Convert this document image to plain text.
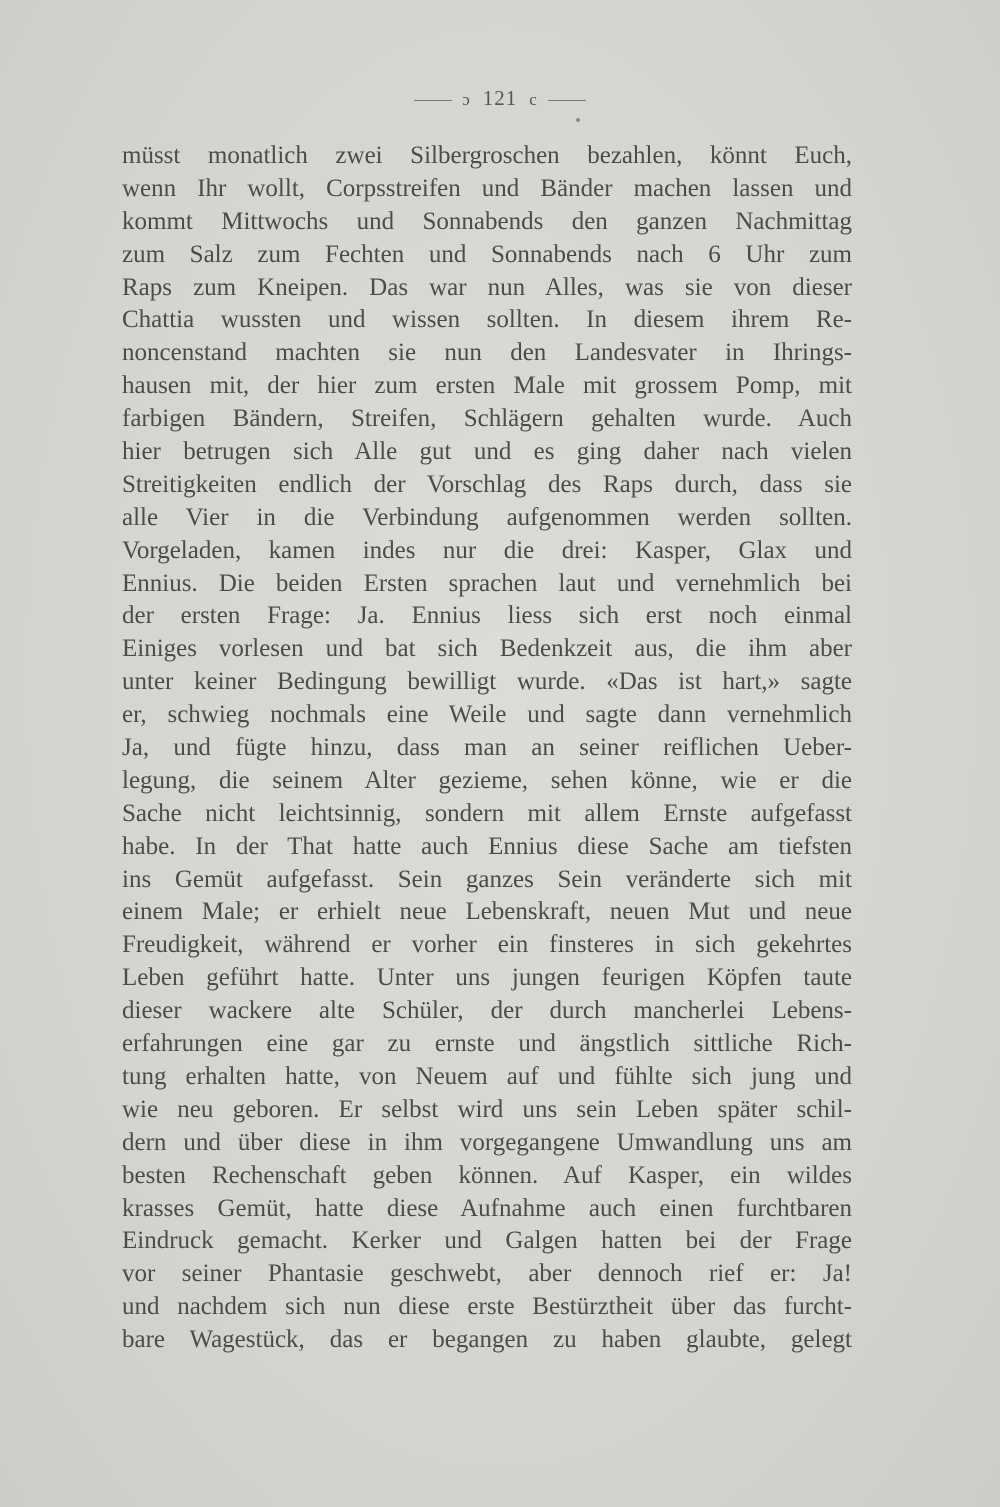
ɔ 121 c
müsst monatlich zwei Silbergroschen bezahlen, könnt Euch,
wenn Ihr wollt, Corpsstreifen und Bänder machen lassen und
kommt Mittwochs und Sonnabends den ganzen Nachmittag
zum Salz zum Fechten und Sonnabends nach 6 Uhr zum
Raps zum Kneipen. Das war nun Alles, was sie von dieser
Chattia wussten und wissen sollten. In diesem ihrem Re-
noncenstand machten sie nun den Landesvater in Ihrings-
hausen mit, der hier zum ersten Male mit grossem Pomp, mit
farbigen Bändern, Streifen, Schlägern gehalten wurde. Auch
hier betrugen sich Alle gut und es ging daher nach vielen
Streitigkeiten endlich der Vorschlag des Raps durch, dass sie
alle Vier in die Verbindung aufgenommen werden sollten.
Vorgeladen, kamen indes nur die drei: Kasper, Glax und
Ennius. Die beiden Ersten sprachen laut und vernehmlich bei
der ersten Frage: Ja. Ennius liess sich erst noch einmal
Einiges vorlesen und bat sich Bedenkzeit aus, die ihm aber
unter keiner Bedingung bewilligt wurde. «Das ist hart,» sagte
er, schwieg nochmals eine Weile und sagte dann vernehmlich
Ja, und fügte hinzu, dass man an seiner reiflichen Ueber-
legung, die seinem Alter gezieme, sehen könne, wie er die
Sache nicht leichtsinnig, sondern mit allem Ernste aufgefasst
habe. In der That hatte auch Ennius diese Sache am tiefsten
ins Gemüt aufgefasst. Sein ganzes Sein veränderte sich mit
einem Male; er erhielt neue Lebenskraft, neuen Mut und neue
Freudigkeit, während er vorher ein finsteres in sich gekehrtes
Leben geführt hatte. Unter uns jungen feurigen Köpfen taute
dieser wackere alte Schüler, der durch mancherlei Lebens-
erfahrungen eine gar zu ernste und ängstlich sittliche Rich-
tung erhalten hatte, von Neuem auf und fühlte sich jung und
wie neu geboren. Er selbst wird uns sein Leben später schil-
dern und über diese in ihm vorgegangene Umwandlung uns am
besten Rechenschaft geben können. Auf Kasper, ein wildes
krasses Gemüt, hatte diese Aufnahme auch einen furchtbaren
Eindruck gemacht. Kerker und Galgen hatten bei der Frage
vor seiner Phantasie geschwebt, aber dennoch rief er: Ja!
und nachdem sich nun diese erste Bestürztheit über das furcht-
bare Wagestück, das er begangen zu haben glaubte, gelegt
